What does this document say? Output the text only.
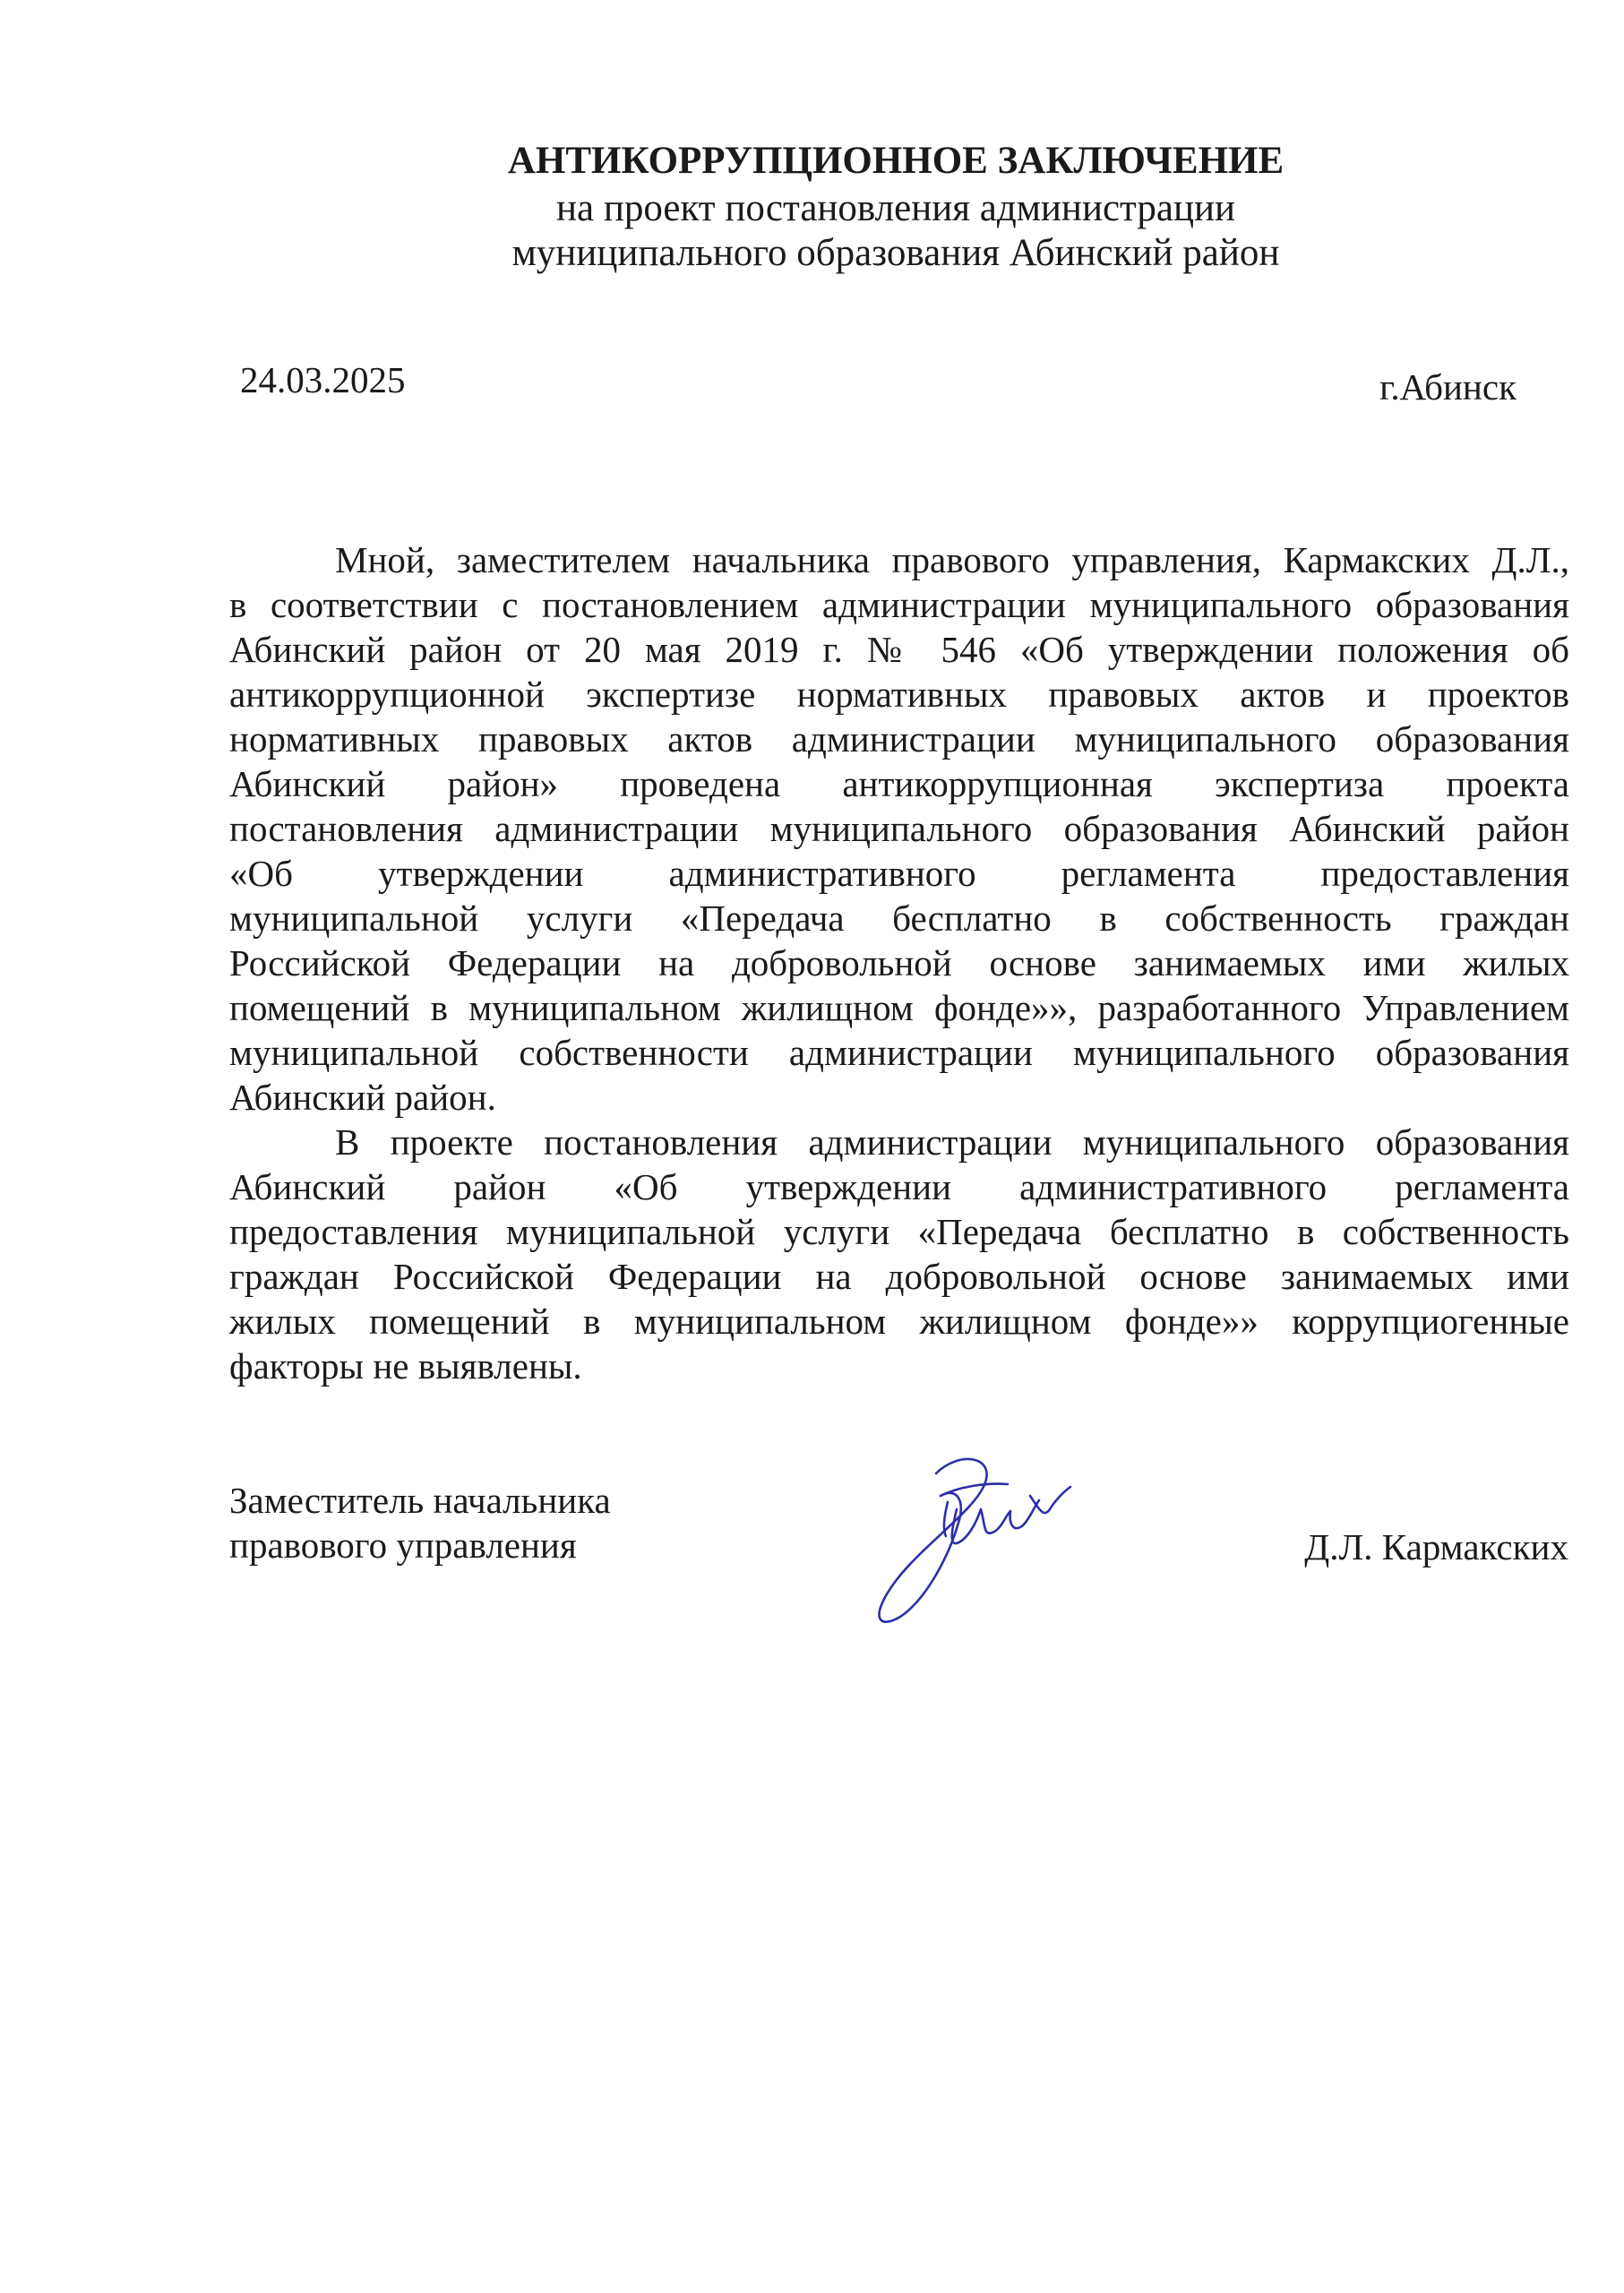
АНТИКОРРУПЦИОННОЕ ЗАКЛЮЧЕНИЕ
на проект постановления администрации
муниципального образования Абинский район
24.03.2025	г.Абинск

Мной, заместителем начальника правового управления, Кармакских Д.Л.,
в соответствии с постановлением администрации муниципального образования
Абинский район от 20 мая 2019 г. № 546 «Об утверждении положения об
антикоррупционной экспертизе нормативных правовых актов и проектов
нормативных правовых актов администрации муниципального образования
Абинский район» проведена антикоррупционная экспертиза проекта
постановления администрации муниципального образования Абинский район
«Об утверждении административного регламента предоставления
муниципальной услуги «Передача бесплатно в собственность граждан
Российской Федерации на добровольной основе занимаемых ими жилых
помещений в муниципальном жилищном фонде»», разработанного Управлением
муниципальной собственности администрации муниципального образования
Абинский район.

В проекте постановления администрации муниципального образования
Абинский район «Об утверждении административного регламента
предоставления муниципальной услуги «Передача бесплатно в собственность
граждан Российской Федерации на добровольной основе занимаемых ими
жилых помещений в муниципальном жилищном фонде»» коррупциогенные
факторы не выявлены.

Заместитель начальника
правового управления	Д.Л. Кармакских
